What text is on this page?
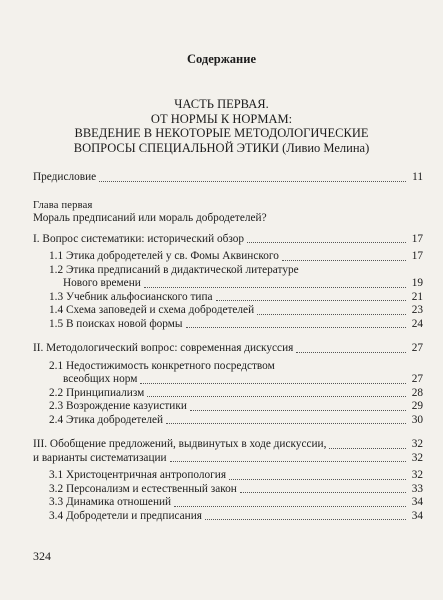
Содержание
ЧАСТЬ ПЕРВАЯ.
ОТ НОРМЫ К НОРМАМ:
ВВЕДЕНИЕ В НЕКОТОРЫЕ МЕТОДОЛОГИЧЕСКИЕ
ВОПРОСЫ СПЕЦИАЛЬНОЙ ЭТИКИ (Ливио Мелина)
Предисловие	11
Глава первая
Мораль предписаний или мораль добродетелей?
I. Вопрос систематики: исторический обзор	17
1.1 Этика добродетелей у св. Фомы Аквинского	17
1.2 Этика предписаний в дидактической литературе
Нового времени	19
1.3 Учебник альфосианского типа	21
1.4 Схема заповедей и схема добродетелей	23
1.5 В поисках новой формы	24
II. Методологический вопрос: современная дискуссия	27
2.1 Недостижимость конкретного посредством
всеобщих норм	27
2.2 Принципиализм	28
2.3 Возрождение казуистики	29
2.4 Этика добродетелей	30
III. Обобщение предложений, выдвинутых в ходе дискуссии,	32
и варианты систематизации	32
3.1 Христоцентричная антропология	32
3.2 Персонализм и естественный закон	33
3.3 Динамика отношений	34
3.4 Добродетели и предписания	34
324
